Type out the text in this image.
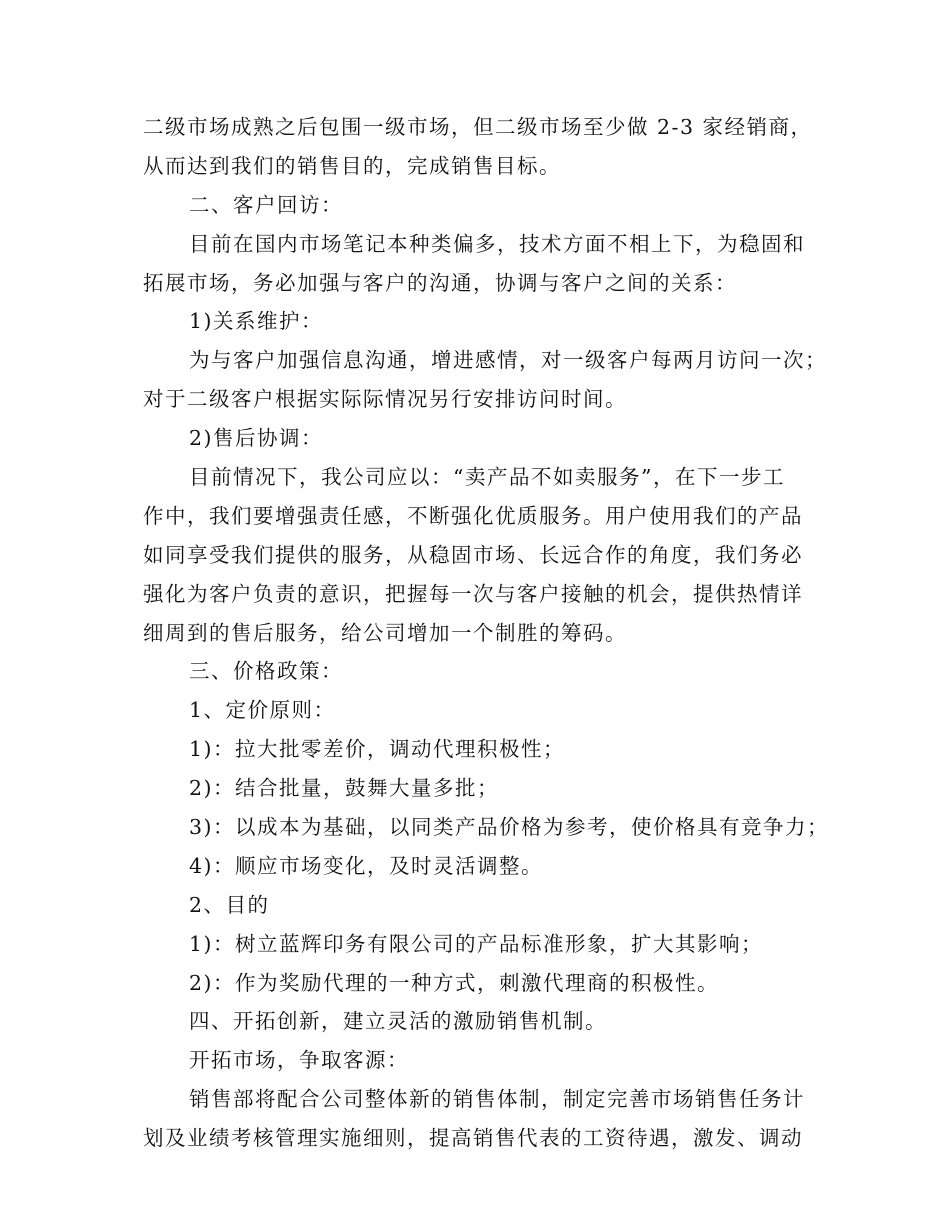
二级市场成熟之后包围一级市场，但二级市场至少做 2-3 家经销商，
从而达到我们的销售目的，完成销售目标。
二、客户回访：
目前在国内市场笔记本种类偏多，技术方面不相上下，为稳固和
拓展市场，务必加强与客户的沟通，协调与客户之间的关系：
1)关系维护：
为与客户加强信息沟通，增进感情，对一级客户每两月访问一次；
对于二级客户根据实际际情况另行安排访问时间。
2)售后协调：
目前情况下，我公司应以：“卖产品不如卖服务”，在下一步工
作中，我们要增强责任感，不断强化优质服务。用户使用我们的产品
如同享受我们提供的服务，从稳固市场、长远合作的角度，我们务必
强化为客户负责的意识，把握每一次与客户接触的机会，提供热情详
细周到的售后服务，给公司增加一个制胜的筹码。
三、价格政策：
1、定价原则：
1)：拉大批零差价，调动代理积极性；
2)：结合批量，鼓舞大量多批；
3)：以成本为基础，以同类产品价格为参考，使价格具有竞争力；
4)：顺应市场变化，及时灵活调整。
2、目的
1)：树立蓝辉印务有限公司的产品标准形象，扩大其影响；
2)：作为奖励代理的一种方式，刺激代理商的积极性。
四、开拓创新，建立灵活的激励销售机制。
开拓市场，争取客源：
销售部将配合公司整体新的销售体制，制定完善市场销售任务计
划及业绩考核管理实施细则，提高销售代表的工资待遇，激发、调动
